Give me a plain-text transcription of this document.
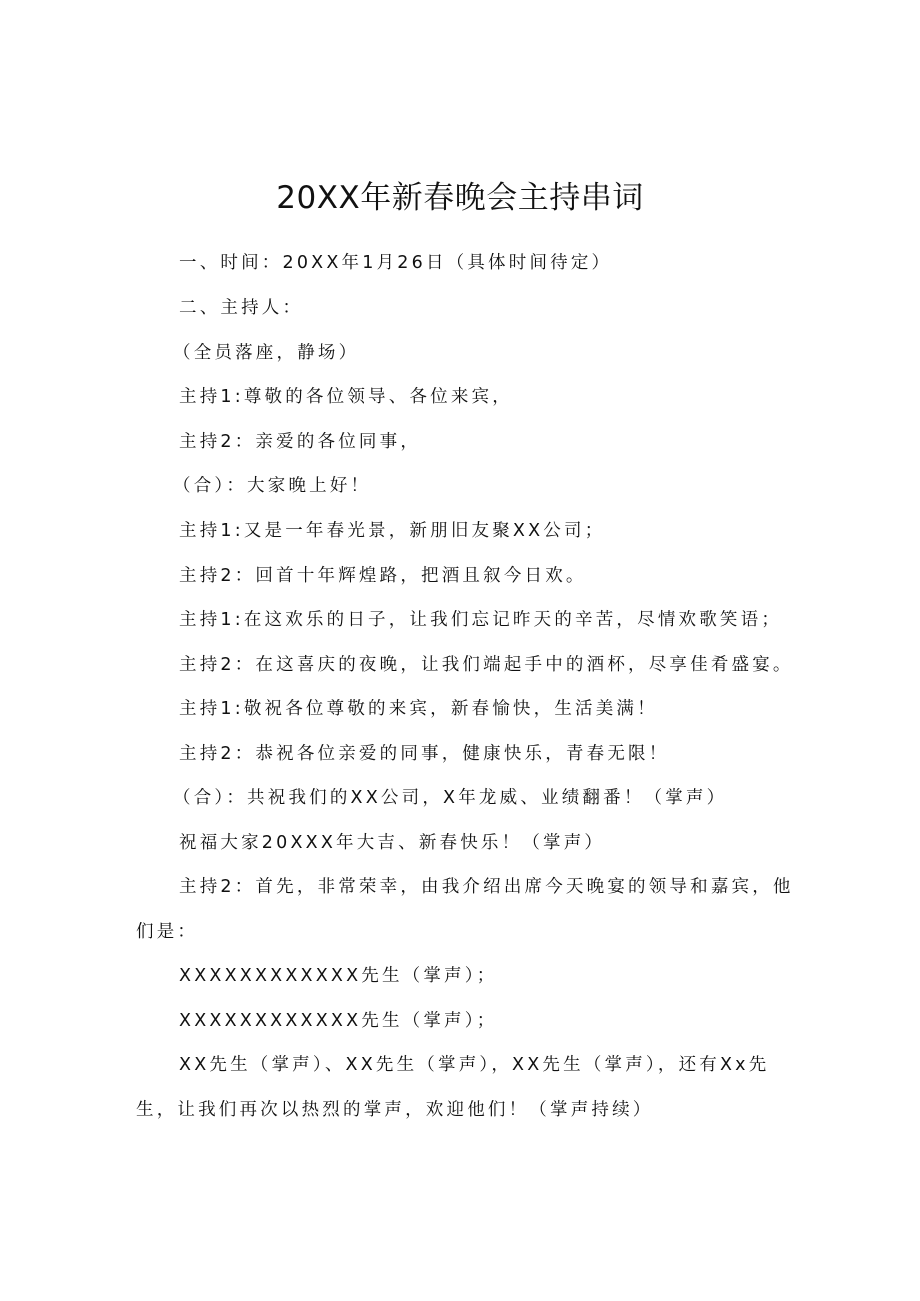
20XX年新春晚会主持串词
一、时间：20XX年1月26日（具体时间待定）
二、主持人：
（全员落座，静场）
主持1:尊敬的各位领导、各位来宾，
主持2：亲爱的各位同事，
（合）：大家晚上好！
主持1:又是一年春光景，新朋旧友聚XX公司；
主持2：回首十年辉煌路，把酒且叙今日欢。
主持1:在这欢乐的日子，让我们忘记昨天的辛苦，尽情欢歌笑语；
主持2：在这喜庆的夜晚，让我们端起手中的酒杯，尽享佳肴盛宴。
主持1:敬祝各位尊敬的来宾，新春愉快，生活美满！
主持2：恭祝各位亲爱的同事，健康快乐，青春无限！
（合）：共祝我们的XX公司，X年龙威、业绩翻番！（掌声）
祝福大家20XXX年大吉、新春快乐！（掌声）
主持2：首先，非常荣幸，由我介绍出席今天晚宴的领导和嘉宾，他
们是：
XXXXXXXXXXXX先生（掌声）；
XXXXXXXXXXXX先生（掌声）；
XX先生（掌声）、XX先生（掌声），XX先生（掌声），还有Xx先
生，让我们再次以热烈的掌声，欢迎他们！（掌声持续）
